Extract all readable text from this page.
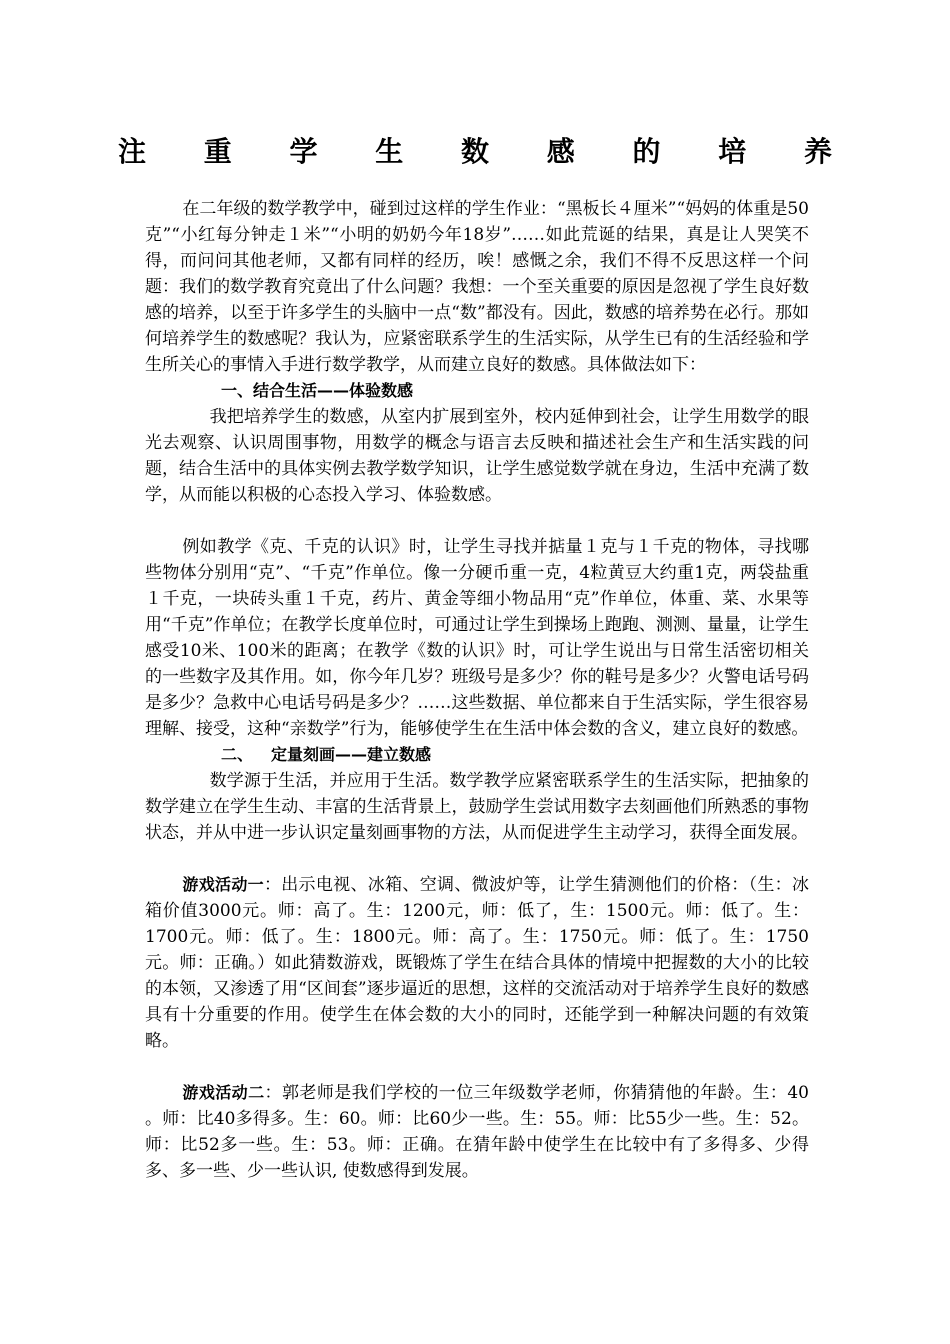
注 重 学 生 数 感 的 培 养

在二年级的数学教学中，碰到过这样的学生作业：“黑板长４厘米”“妈妈的体重是50克”“小红每分钟走１米”“小明的奶奶今年18岁”……如此荒诞的结果，真是让人哭笑不得，而问问其他老师，又都有同样的经历，唉！感慨之余，我们不得不反思这样一个问题：我们的数学教育究竟出了什么问题？我想：一个至关重要的原因是忽视了学生良好数感的培养，以至于许多学生的头脑中一点“数”都没有。因此，数感的培养势在必行。那如何培养学生的数感呢？我认为，应紧密联系学生的生活实际，从学生已有的生活经验和学生所关心的事情入手进行数学教学，从而建立良好的数感。具体做法如下：

一、结合生活——体验数感

我把培养学生的数感，从室内扩展到室外，校内延伸到社会，让学生用数学的眼光去观察、认识周围事物，用数学的概念与语言去反映和描述社会生产和生活实践的问题，结合生活中的具体实例去教学数学知识，让学生感觉数学就在身边，生活中充满了数学，从而能以积极的心态投入学习、体验数感。

例如教学《克、千克的认识》时，让学生寻找并掂量１克与１千克的物体，寻找哪些物体分别用“克”、“千克”作单位。像一分硬币重一克，4粒黄豆大约重1克，两袋盐重１千克，一块砖头重１千克，药片、黄金等细小物品用“克”作单位，体重、菜、水果等用“千克”作单位；在教学长度单位时，可通过让学生到操场上跑跑、测测、量量，让学生感受10米、100米的距离；在教学《数的认识》时，可让学生说出与日常生活密切相关的一些数字及其作用。如，你今年几岁？班级号是多少？你的鞋号是多少？火警电话号码是多少？急救中心电话号码是多少？……这些数据、单位都来自于生活实际，学生很容易理解、接受，这种“亲数学”行为，能够使学生在生活中体会数的含义，建立良好的数感。

二、 定量刻画——建立数感

数学源于生活，并应用于生活。数学教学应紧密联系学生的生活实际，把抽象的数学建立在学生生动、丰富的生活背景上，鼓励学生尝试用数字去刻画他们所熟悉的事物状态，并从中进一步认识定量刻画事物的方法，从而促进学生主动学习，获得全面发展。

游戏活动一：出示电视、冰箱、空调、微波炉等，让学生猜测他们的价格：（生：冰箱价值3000元。师：高了。生：1200元，师：低了，生：1500元。师：低了。生：1700元。师：低了。生：1800元。师：高了。生：1750元。师：低了。生：1750元。师：正确。）如此猜数游戏，既锻炼了学生在结合具体的情境中把握数的大小的比较的本领，又渗透了用“区间套”逐步逼近的思想，这样的交流活动对于培养学生良好的数感具有十分重要的作用。使学生在体会数的大小的同时，还能学到一种解决问题的有效策略。

游戏活动二：郭老师是我们学校的一位三年级数学老师，你猜猜他的年龄。生：40 。师：比40多得多。生：60。师：比60少一些。生：55。师：比55少一些。生：52。师：比52多一些。生：53。师：正确。在猜年龄中使学生在比较中有了多得多、少得多、多一些、少一些认识, 使数感得到发展。
